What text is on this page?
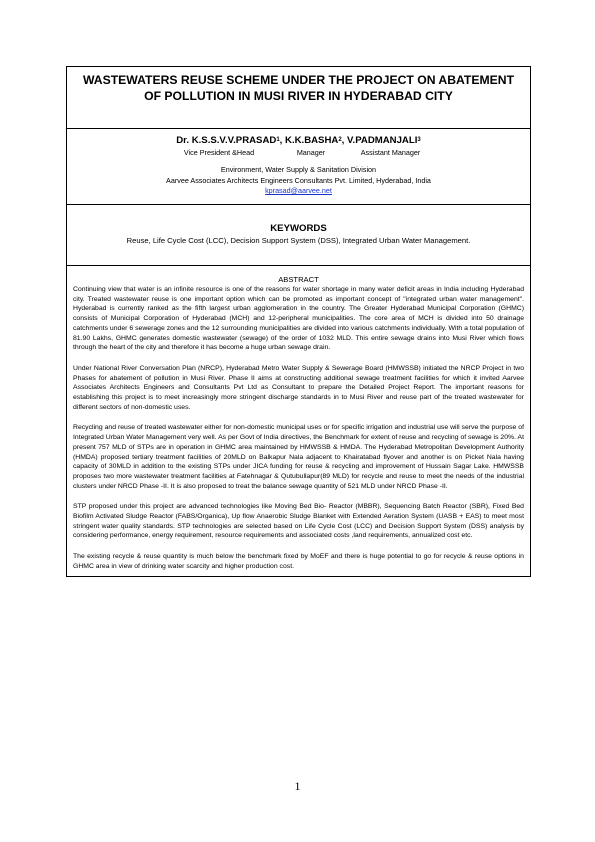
WASTEWATERS REUSE SCHEME UNDER THE PROJECT ON ABATEMENT OF POLLUTION IN MUSI RIVER IN HYDERABAD CITY
Dr. K.S.S.V.V.PRASAD$^1$, K.K.BASHA$^2$, V.PADMANJALI$^3$
Vice President &Head	Manager	Assistant Manager
Environment, Water Supply & Sanitation Division
Aarvee Associates Architects Engineers Consultants Pvt. Limited, Hyderabad, India
kprasad@aarvee.net
KEYWORDS
Reuse, Life Cycle Cost (LCC), Decision Support System (DSS), Integrated Urban Water Management.
ABSTRACT

Continuing view that water is an infinite resource is one of the reasons for water shortage in many water deficit areas in India including Hyderabad city. Treated wastewater reuse is one important option which can be promoted as important concept of "integrated urban water management". Hyderabad is currently ranked as the fifth largest urban agglomeration in the country. The Greater Hyderabad Municipal Corporation (GHMC) consists of Municipal Corporation of Hyderabad (MCH) and 12-peripheral municipalities. The core area of MCH is divided into 50 drainage catchments under 6 sewerage zones and the 12 surrounding municipalities are divided into various catchments individually. With a total population of 81.90 Lakhs, GHMC generates domestic wastewater (sewage) of the order of 1032 MLD. This entire sewage drains into Musi River which flows through the heart of the city and therefore it has become a huge urban sewage drain.

Under National River Conversation Plan (NRCP), Hyderabad Metro Water Supply & Sewerage Board (HMWSSB) initiated the NRCP Project in two Phases for abatement of pollution in Musi River. Phase II aims at constructing additional sewage treatment facilities for which it invited Aarvee Associates Architects Engineers and Consultants Pvt Ltd as Consultant to prepare the Detailed Project Report. The important reasons for establishing this project is to meet increasingly more stringent discharge standards in to Musi River and reuse part of the treated wastewater for different sectors of non-domestic uses.

Recycling and reuse of treated wastewater either for non-domestic municipal uses or for specific irrigation and industrial use will serve the purpose of Integrated Urban Water Management very well. As per Govt of India directives, the Benchmark for extent of reuse and recycling of sewage is 20%. At present 757 MLD of STPs are in operation in GHMC area maintained by HMWSSB & HMDA. The Hyderabad Metropolitan Development Authority (HMDA) proposed tertiary treatment facilities of 20MLD on Balkapur Nala adjacent to Khairatabad flyover and another is on Picket Nala having capacity of 30MLD in addition to the existing STPs under JICA funding for reuse & recycling and improvement of Hussain Sagar Lake. HMWSSB proposes two more wastewater treatment facilities at Fatehnagar & Qutubullapur(89 MLD) for recycle and reuse to meet the needs of the industrial clusters under NRCD Phase -II. It is also proposed to treat the balance sewage quantity of 521 MLD under NRCD Phase -II.

STP proposed under this project are advanced technologies like Moving Bed Bio- Reactor (MBBR), Sequencing Batch Reactor (SBR), Fixed Bed Biofilm Activated Sludge Reactor (FABS/Organica), Up flow Anaerobic Sludge Blanket with Extended Aeration System (UASB + EAS) to meet most stringent water quality standards. STP technologies are selected based on Life Cycle Cost (LCC) and Decision Support System (DSS) analysis by considering performance, energy requirement, resource requirements and associated costs ,land requirements, annualized cost etc.

The existing recycle & reuse quantity is much below the benchmark fixed by MoEF and there is huge potential to go for recycle & reuse options in GHMC area in view of drinking water scarcity and higher production cost.

1
